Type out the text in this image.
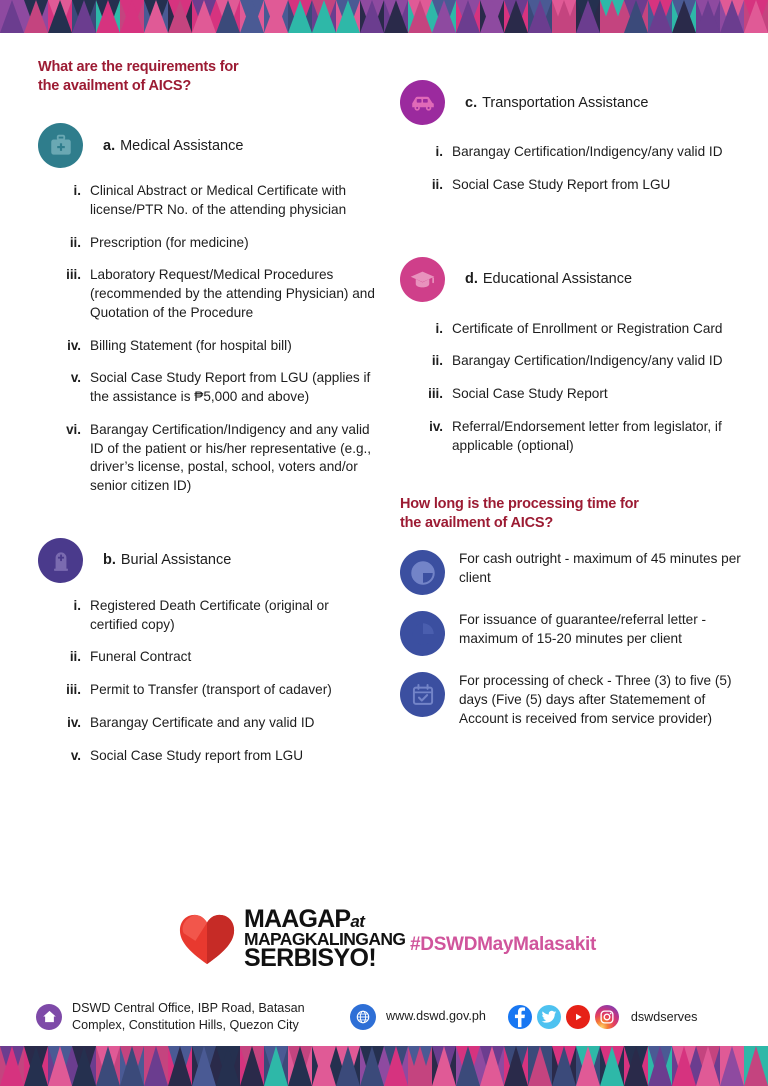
What are the requirements for
the availment of AICS?
a. Medical Assistance
i. Clinical Abstract or Medical Certificate with license/PTR No. of the attending physician
ii. Prescription (for medicine)
iii. Laboratory Request/Medical Procedures (recommended by the attending Physician) and Quotation of the Procedure
iv. Billing Statement (for hospital bill)
v. Social Case Study Report from LGU (applies if the assistance is ₱5,000 and above)
vi. Barangay Certification/Indigency and any valid ID of the patient or his/her representative (e.g., driver’s license, postal, school, voters and/or senior citizen ID)
b. Burial Assistance
i. Registered Death Certificate (original or certified copy)
ii. Funeral Contract
iii. Permit to Transfer (transport of cadaver)
iv. Barangay Certificate and any valid ID
v. Social Case Study report from LGU
c. Transportation Assistance
i. Barangay Certification/Indigency/any valid ID
ii. Social Case Study Report from LGU
d. Educational Assistance
i. Certificate of Enrollment or Registration Card
ii. Barangay Certification/Indigency/any valid ID
iii. Social Case Study Report
iv. Referral/Endorsement letter from legislator, if applicable (optional)
How long is the processing time for
the availment of AICS?
For cash outright - maximum of 45 minutes per client
For issuance of guarantee/referral letter - maximum of 15-20 minutes per client
For processing of check - Three (3) to five (5) days (Five (5) days after Statemement of Account is received from service provider)
MAAGAPat
MAPAGKALINGANG
SERBISYO!	#DSWDMayMalasakit
DSWD Central Office, IBP Road, Batasan
Complex, Constitution Hills, Quezon City
www.dswd.gov.ph	dswdserves
